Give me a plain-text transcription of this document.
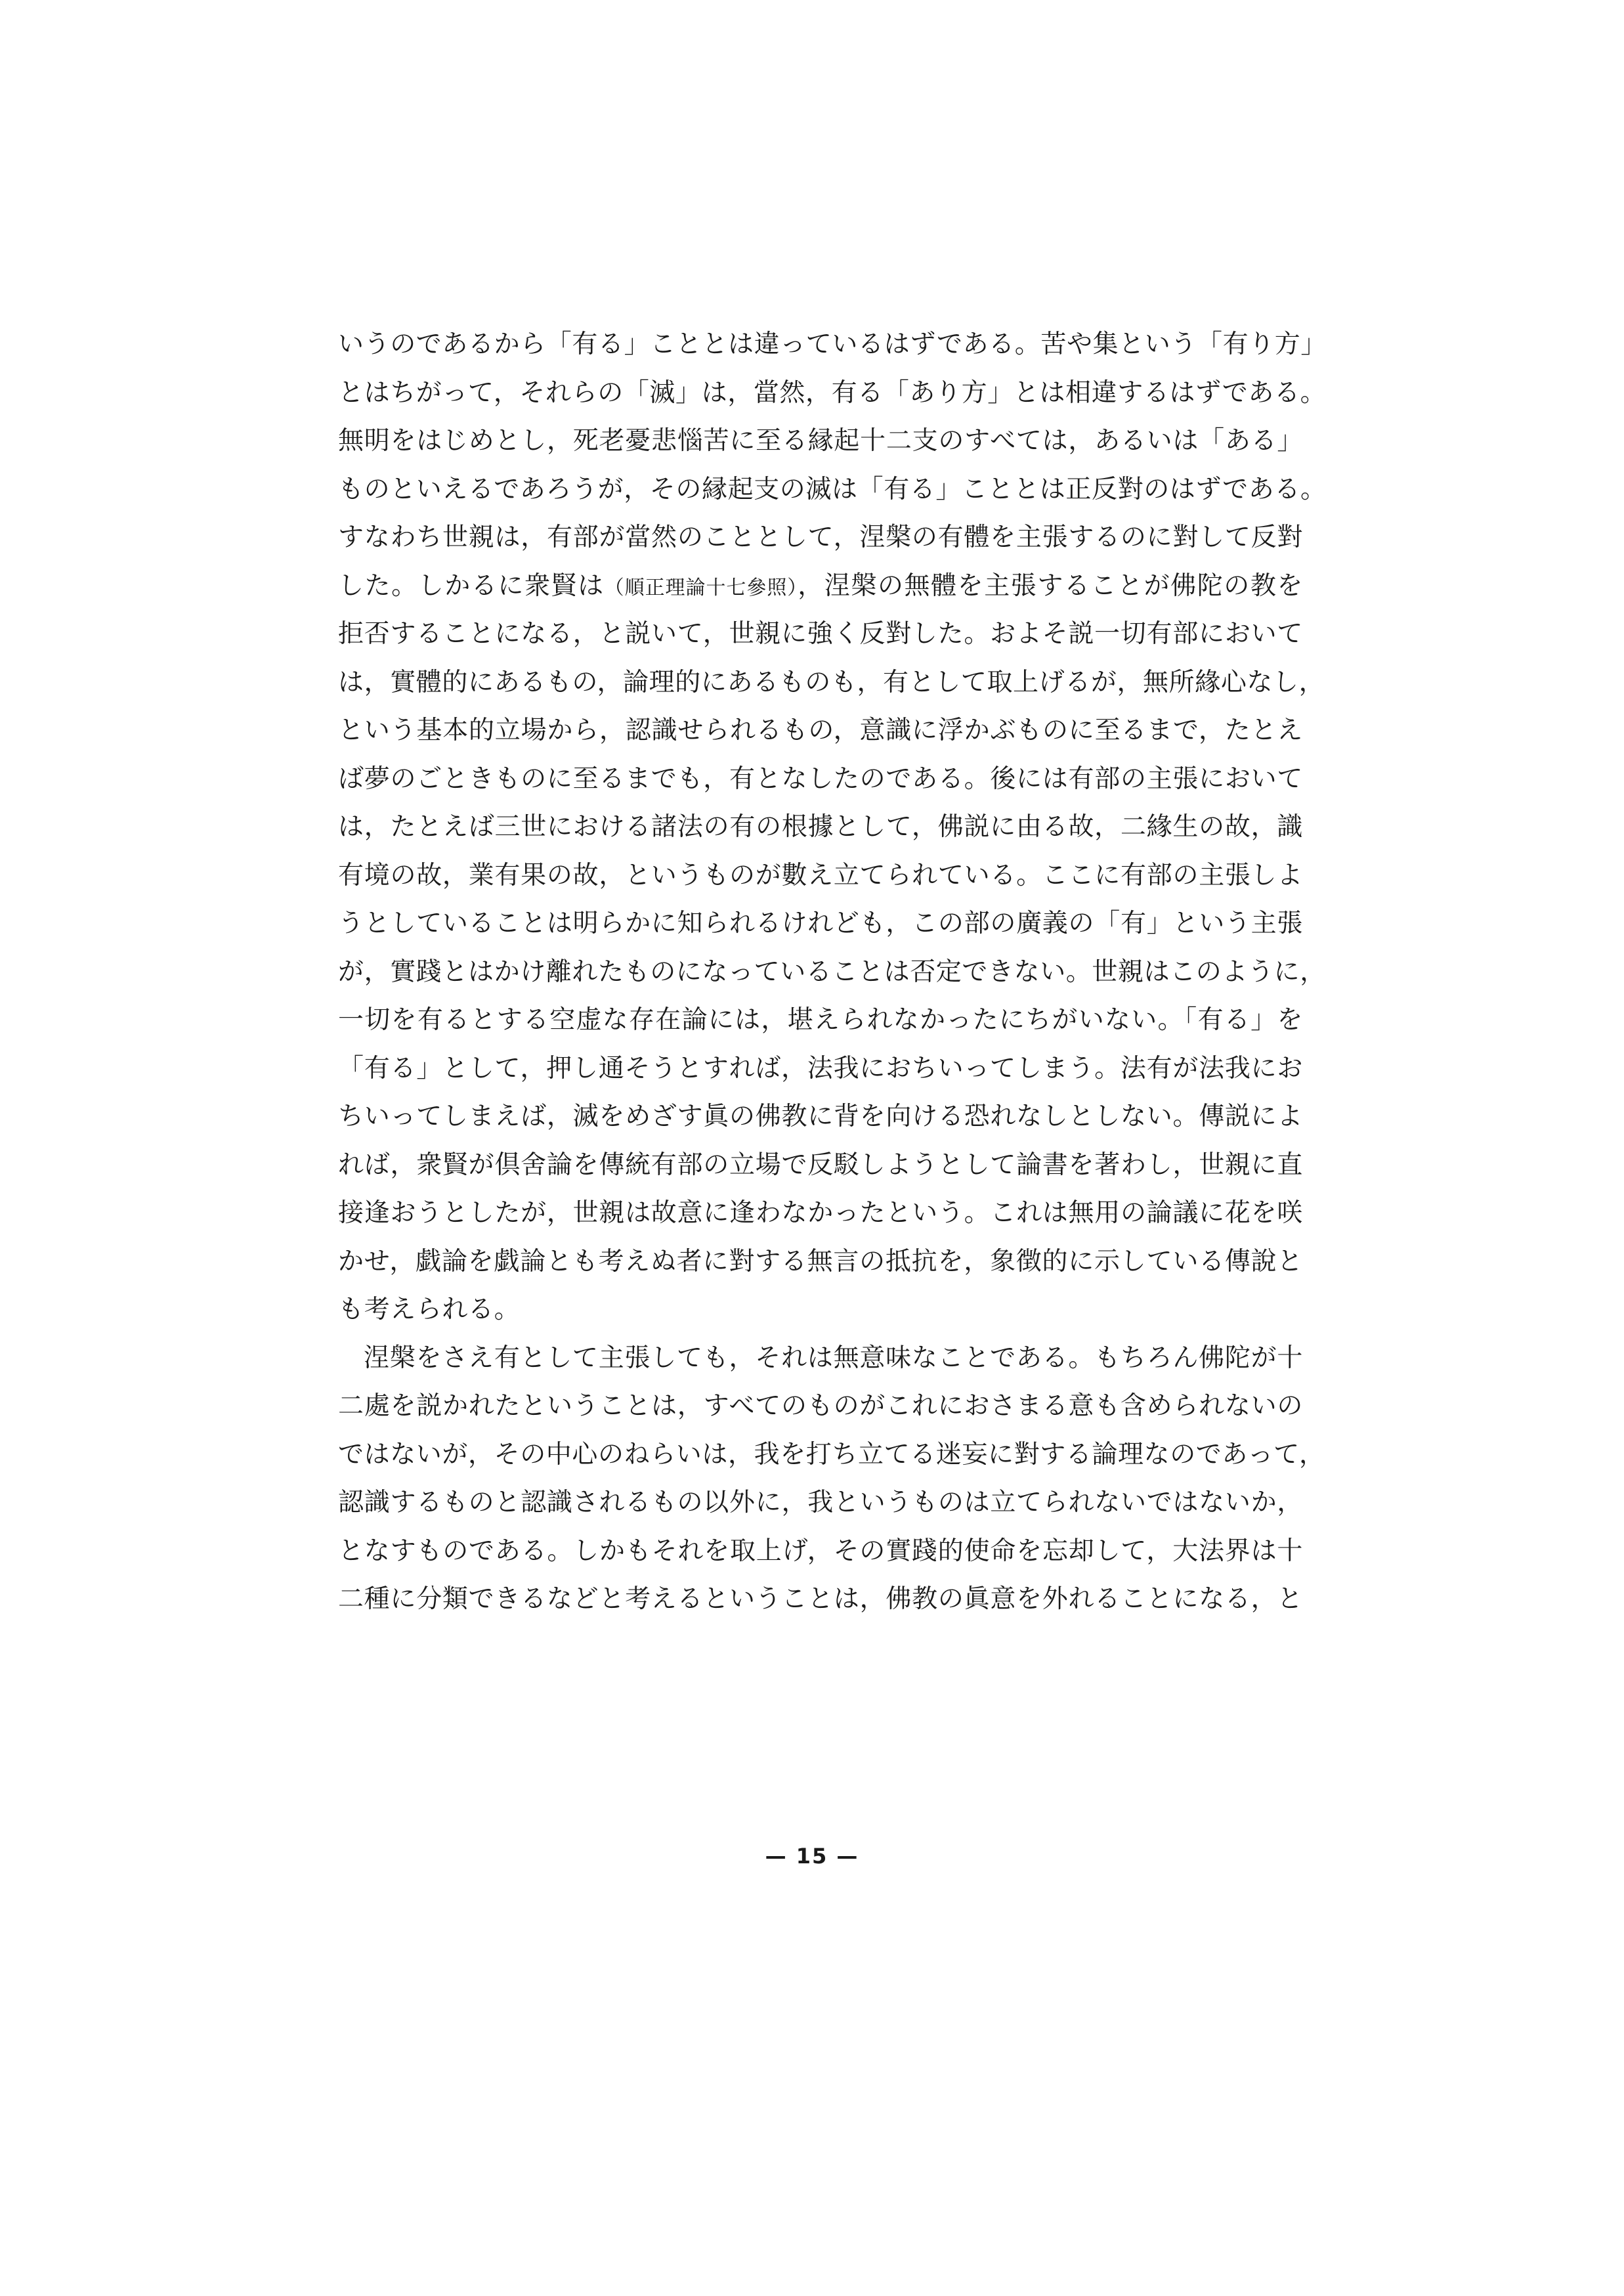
いうのであるから「有る」こととは違っているはずである。苦や集という「有り方」
とはちがって，それらの「滅」は，當然，有る「あり方」とは相違するはずである。
無明をはじめとし，死老憂悲惱苦に至る縁起十二支のすべては，あるいは「ある」
ものといえるであろうが，その縁起支の滅は「有る」こととは正反對のはずである。
すなわち世親は，有部が當然のこととして，涅槃の有體を主張するのに對して反對
した。しかるに衆賢は（順正理論十七參照），涅槃の無體を主張することが佛陀の教を
拒否することになる，と説いて，世親に強く反對した。およそ説一切有部において
は，實體的にあるもの，論理的にあるものも，有として取上げるが，無所緣心なし，
という基本的立場から，認識せられるもの，意識に浮かぶものに至るまで，たとえ
ば夢のごときものに至るまでも，有となしたのである。後には有部の主張において
は，たとえば三世における諸法の有の根據として，佛説に由る故，二緣生の故，識
有境の故，業有果の故，というものが數え立てられている。ここに有部の主張しよ
うとしていることは明らかに知られるけれども，この部の廣義の「有」という主張
が，實踐とはかけ離れたものになっていることは否定できない。世親はこのように，
一切を有るとする空虚な存在論には，堪えられなかったにちがいない。「有る」を
「有る」として，押し通そうとすれば，法我におちいってしまう。法有が法我にお
ちいってしまえば，滅をめざす眞の佛教に背を向ける恐れなしとしない。傳説によ
れば，衆賢が倶舍論を傳統有部の立場で反駁しようとして論書を著わし，世親に直
接逢おうとしたが，世親は故意に逢わなかったという。これは無用の論議に花を咲
かせ，戯論を戯論とも考えぬ者に對する無言の抵抗を，象徴的に示している傳說と
も考えられる。
涅槃をさえ有として主張しても，それは無意味なことである。もちろん佛陀が十
二處を説かれたということは，すべてのものがこれにおさまる意も含められないの
ではないが，その中心のねらいは，我を打ち立てる迷妄に對する論理なのであって，
認識するものと認識されるもの以外に，我というものは立てられないではないか，
となすものである。しかもそれを取上げ，その實踐的使命を忘却して，大法界は十
二種に分類できるなどと考えるということは，佛教の眞意を外れることになる，と
— 15 —
